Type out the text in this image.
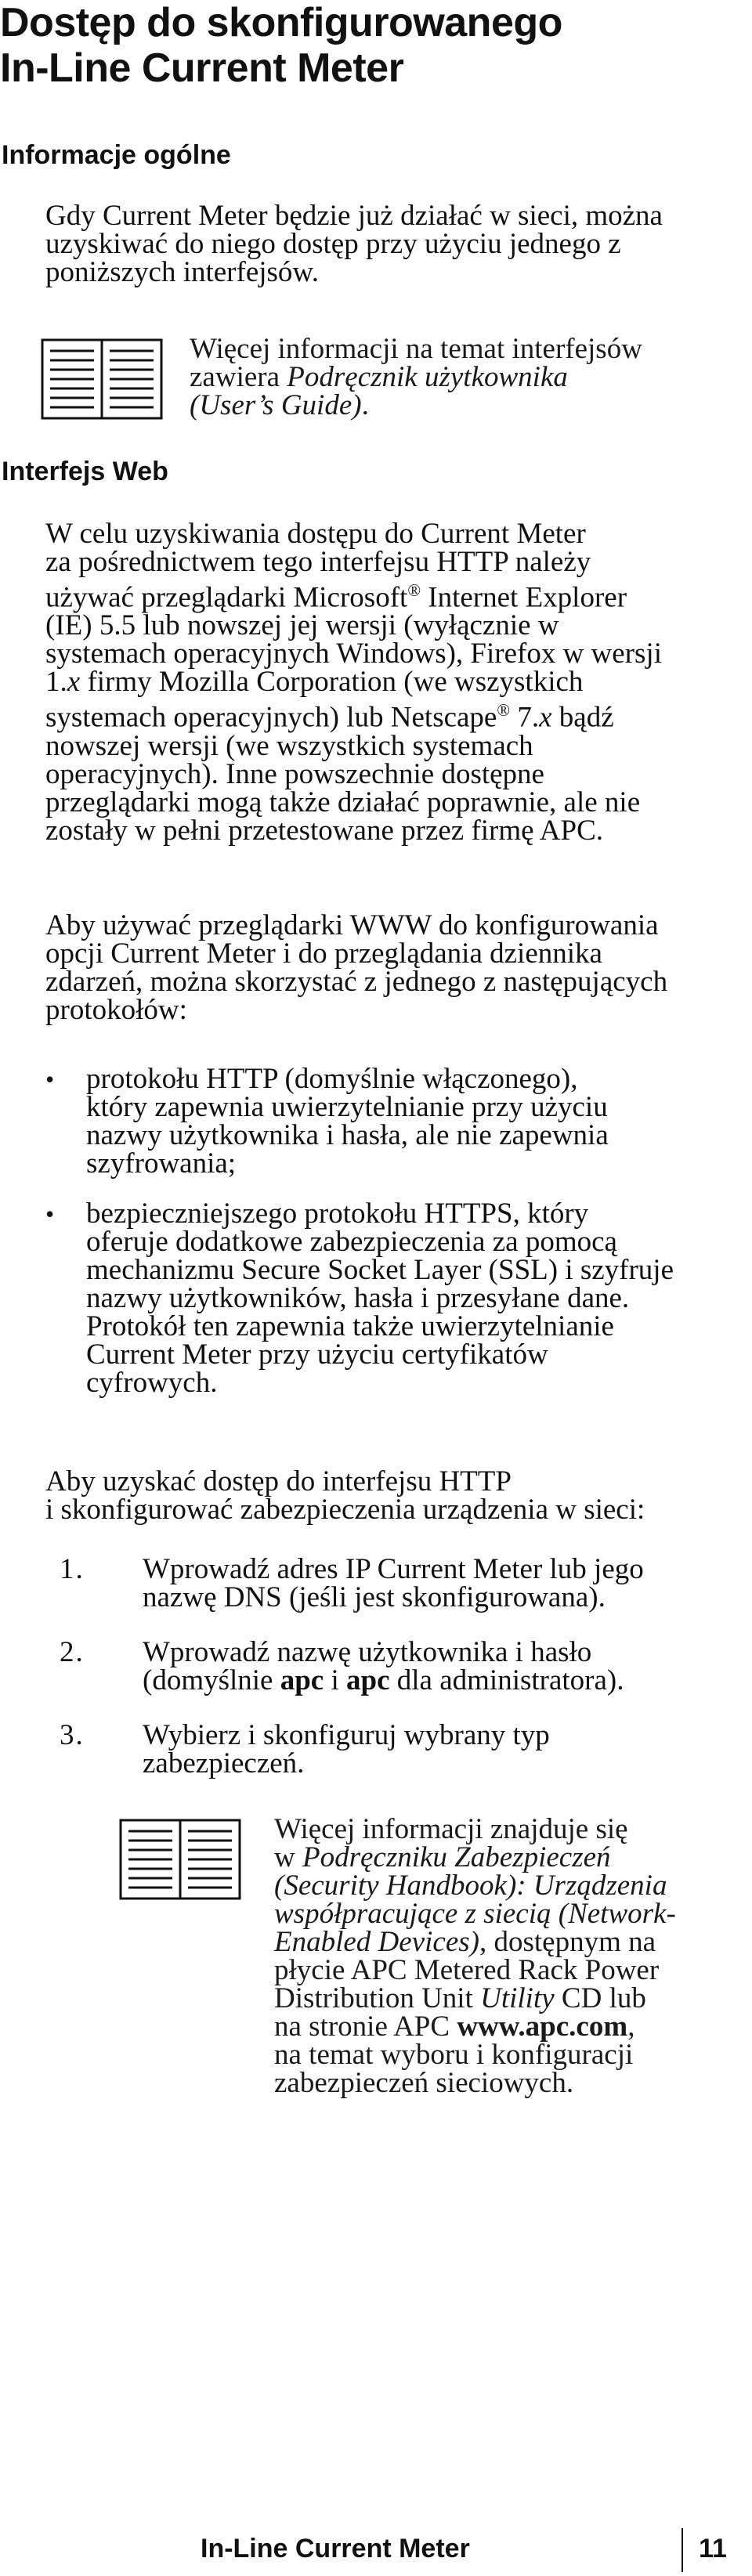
Dostęp do skonfigurowanego
In-Line Current Meter
Informacje ogólne
Gdy Current Meter będzie już działać w sieci, można
uzyskiwać do niego dostęp przy użyciu jednego z
poniższych interfejsów.
Więcej informacji na temat interfejsów
zawiera Podręcznik użytkownika
(User’s Guide).
Interfejs Web
W celu uzyskiwania dostępu do Current Meter
za pośrednictwem tego interfejsu HTTP należy
używać przeglądarki Microsoft® Internet Explorer
(IE) 5.5 lub nowszej jej wersji (wyłącznie w
systemach operacyjnych Windows), Firefox w wersji
1.x firmy Mozilla Corporation (we wszystkich
systemach operacyjnych) lub Netscape® 7.x bądź
nowszej wersji (we wszystkich systemach
operacyjnych). Inne powszechnie dostępne
przeglądarki mogą także działać poprawnie, ale nie
zostały w pełni przetestowane przez firmę APC.
Aby używać przeglądarki WWW do konfigurowania
opcji Current Meter i do przeglądania dziennika
zdarzeń, można skorzystać z jednego z następujących
protokołów:
• protokołu HTTP (domyślnie włączonego),
który zapewnia uwierzytelnianie przy użyciu
nazwy użytkownika i hasła, ale nie zapewnia
szyfrowania;
• bezpieczniejszego protokołu HTTPS, który
oferuje dodatkowe zabezpieczenia za pomocą
mechanizmu Secure Socket Layer (SSL) i szyfruje
nazwy użytkowników, hasła i przesyłane dane.
Protokół ten zapewnia także uwierzytelnianie
Current Meter przy użyciu certyfikatów
cyfrowych.
Aby uzyskać dostęp do interfejsu HTTP
i skonfigurować zabezpieczenia urządzenia w sieci:
1. Wprowadź adres IP Current Meter lub jego
nazwę DNS (jeśli jest skonfigurowana).
2. Wprowadź nazwę użytkownika i hasło
(domyślnie apc i apc dla administratora).
3. Wybierz i skonfiguruj wybrany typ
zabezpieczeń.
Więcej informacji znajduje się
w Podręczniku Zabezpieczeń
(Security Handbook): Urządzenia
współpracujące z siecią (Network-
Enabled Devices), dostępnym na
płycie APC Metered Rack Power
Distribution Unit Utility CD lub
na stronie APC www.apc.com,
na temat wyboru i konfiguracji
zabezpieczeń sieciowych.
In-Line Current Meter	11
